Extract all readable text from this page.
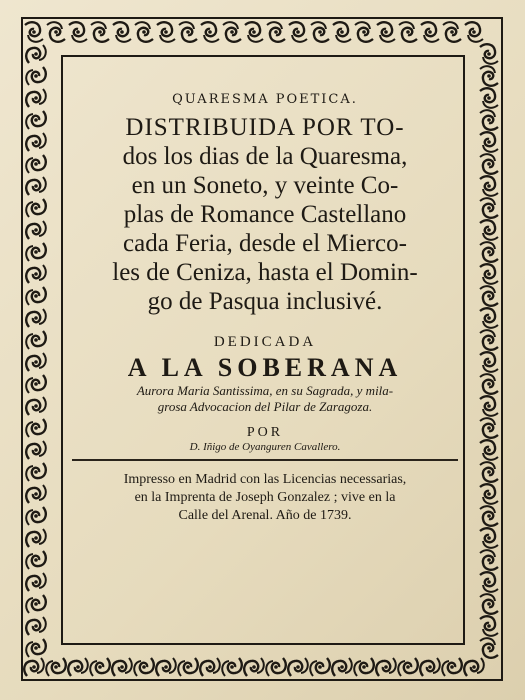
QUARESMA POETICA.

DISTRIBUIDA POR TO-
dos los dias de la Quaresma,
en un Soneto, y veinte Co-
plas de Romance Castellano
cada Feria, desde el Mierco-
les de Ceniza, hasta el Domin-
go de Pasqua inclusivé.

DEDICADA

A LA SOBERANA

Aurora Maria Santissima, en su Sagrada, y mila-

grosa Advocacion del Pilar de Zaragoza.

POR

D. Iñigo de Oyanguren Cavallero.

Impresso en Madrid con las Licencias necessarias,

en la Imprenta de Joseph Gonzalez ; vive en la

Calle del Arenal. Año de 1739.
